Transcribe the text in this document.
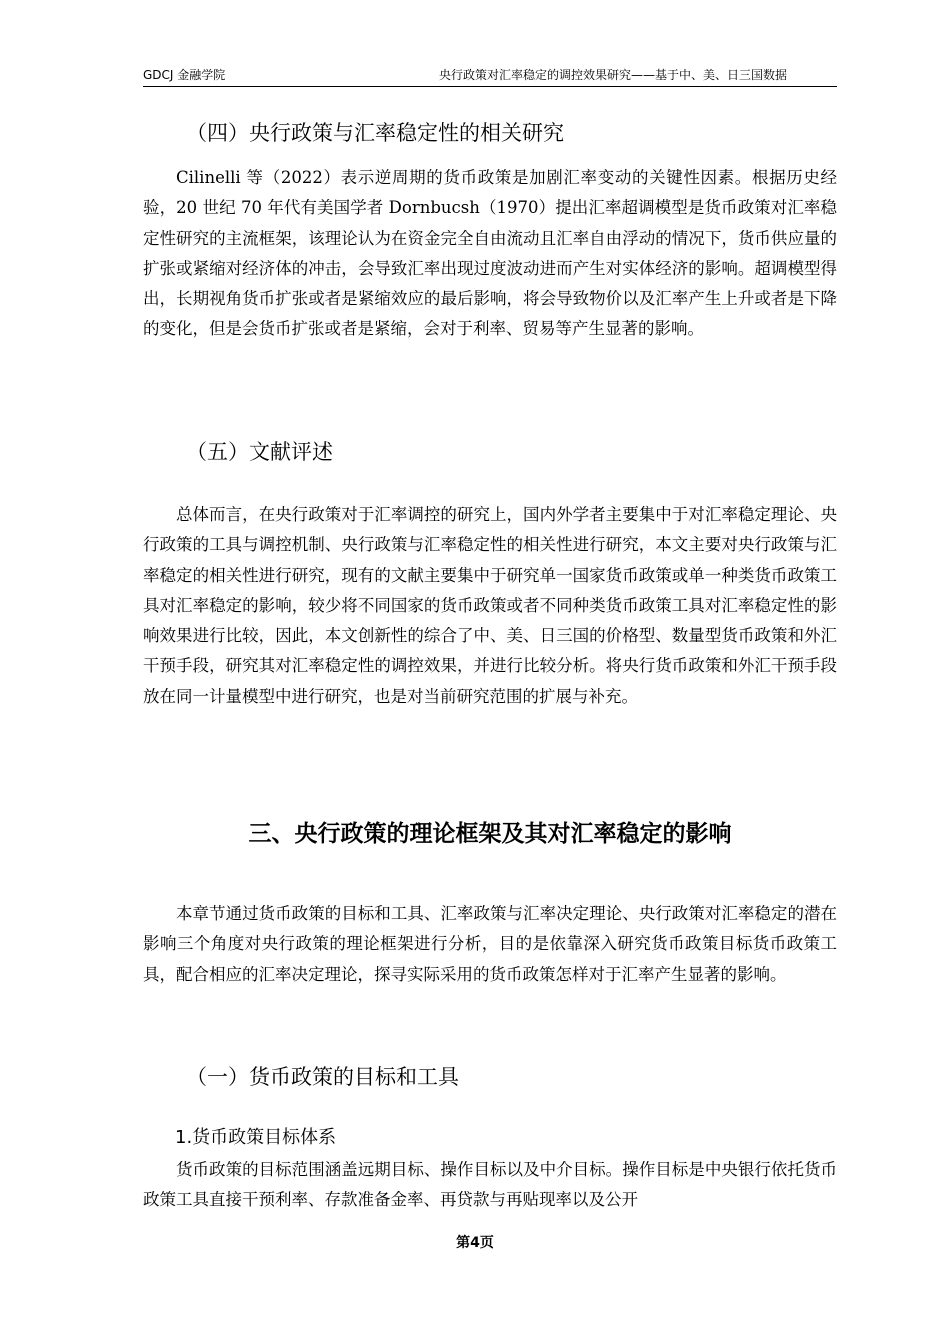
GDCJ 金融学院	央行政策对汇率稳定的调控效果研究——基于中、美、日三国数据
（四）央行政策与汇率稳定性的相关研究

Cilinelli 等（2022）表示逆周期的货币政策是加剧汇率变动的关键性因素。根据历史经验，20 世纪 70 年代有美国学者 Dornbucsh（1970）提出汇率超调模型是货币政策对汇率稳定性研究的主流框架，该理论认为在资金完全自由流动且汇率自由浮动的情况下，货币供应量的扩张或紧缩对经济体的冲击，会导致汇率出现过度波动进而产生对实体经济的影响。超调模型得出，长期视角货币扩张或者是紧缩效应的最后影响，将会导致物价以及汇率产生上升或者是下降的变化，但是会货币扩张或者是紧缩，会对于利率、贸易等产生显著的影响。

（五）文献评述

总体而言，在央行政策对于汇率调控的研究上，国内外学者主要集中于对汇率稳定理论、央行政策的工具与调控机制、央行政策与汇率稳定性的相关性进行研究，本文主要对央行政策与汇率稳定的相关性进行研究，现有的文献主要集中于研究单一国家货币政策或单一种类货币政策工具对汇率稳定的影响，较少将不同国家的货币政策或者不同种类货币政策工具对汇率稳定性的影响效果进行比较，因此，本文创新性的综合了中、美、日三国的价格型、数量型货币政策和外汇干预手段，研究其对汇率稳定性的调控效果，并进行比较分析。将央行货币政策和外汇干预手段放在同一计量模型中进行研究，也是对当前研究范围的扩展与补充。

三、央行政策的理论框架及其对汇率稳定的影响

本章节通过货币政策的目标和工具、汇率政策与汇率决定理论、央行政策对汇率稳定的潜在影响三个角度对央行政策的理论框架进行分析，目的是依靠深入研究货币政策目标货币政策工具，配合相应的汇率决定理论，探寻实际采用的货币政策怎样对于汇率产生显著的影响。

（一）货币政策的目标和工具
1.货币政策目标体系

货币政策的目标范围涵盖远期目标、操作目标以及中介目标。操作目标是中央银行依托货币政策工具直接干预利率、存款准备金率、再贷款与再贴现率以及公开

第4页
